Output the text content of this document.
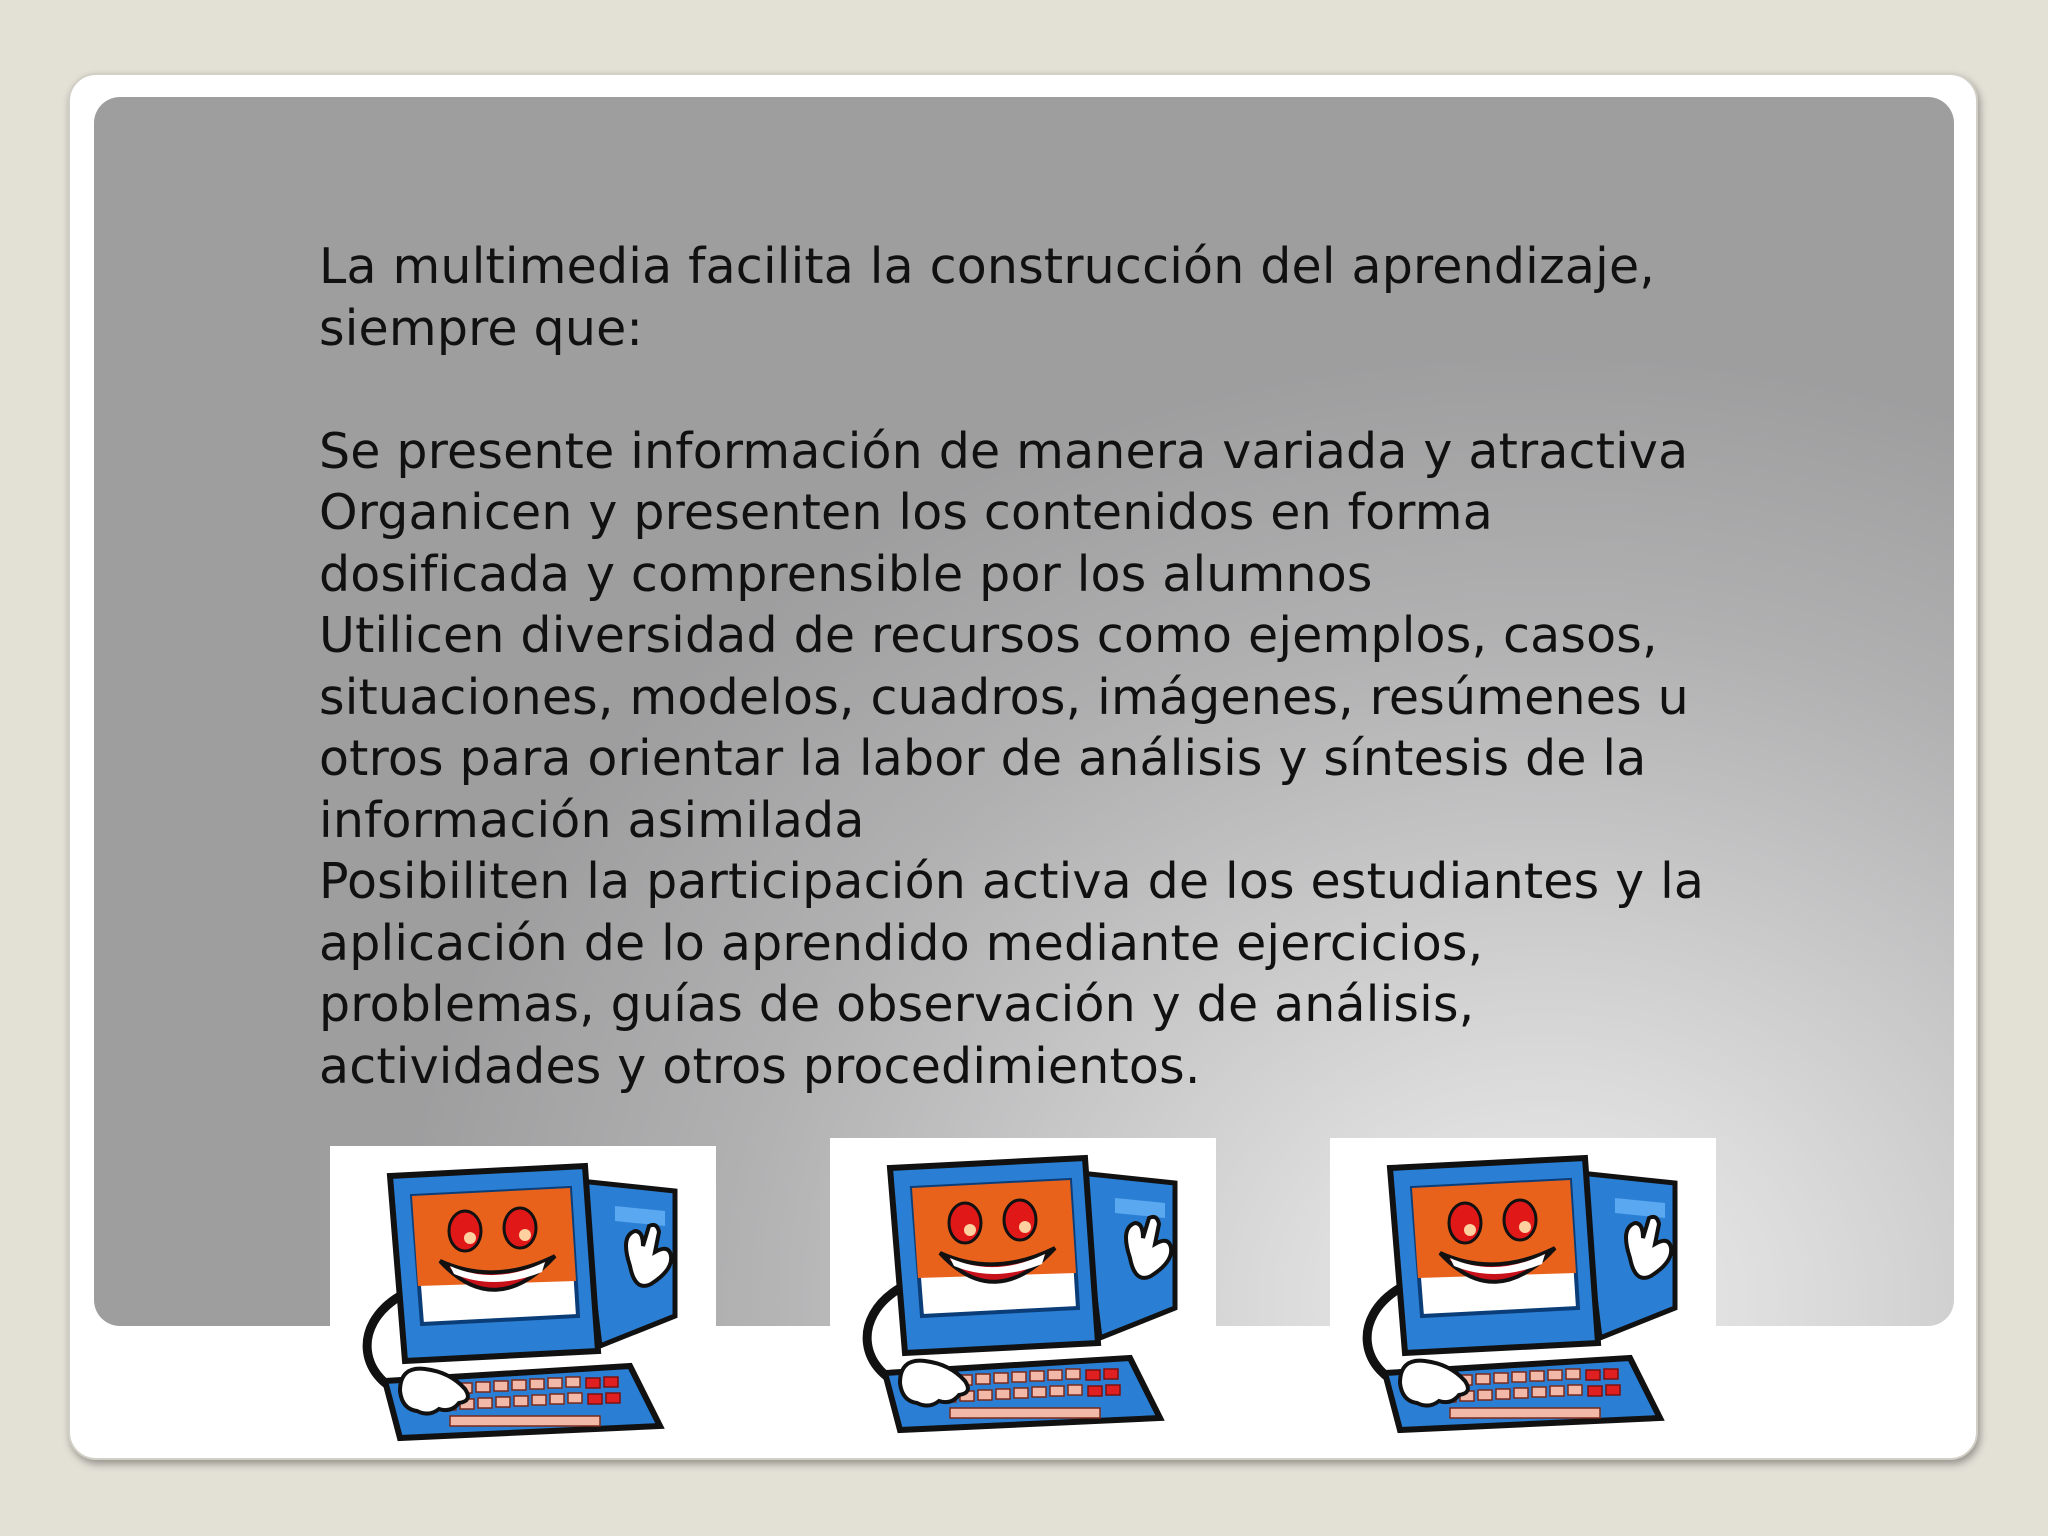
La multimedia facilita la construcción del aprendizaje,

siempre que:

Se presente información de manera variada y atractiva

Organicen y presenten los contenidos en forma

dosificada y comprensible por los alumnos

Utilicen diversidad de recursos como ejemplos, casos,

situaciones, modelos, cuadros, imágenes, resúmenes u

otros para orientar la labor de análisis y síntesis de la

información asimilada

Posibiliten la participación activa de los estudiantes y la

aplicación de lo aprendido mediante ejercicios,

problemas, guías de observación y de análisis,

actividades y otros procedimientos.
